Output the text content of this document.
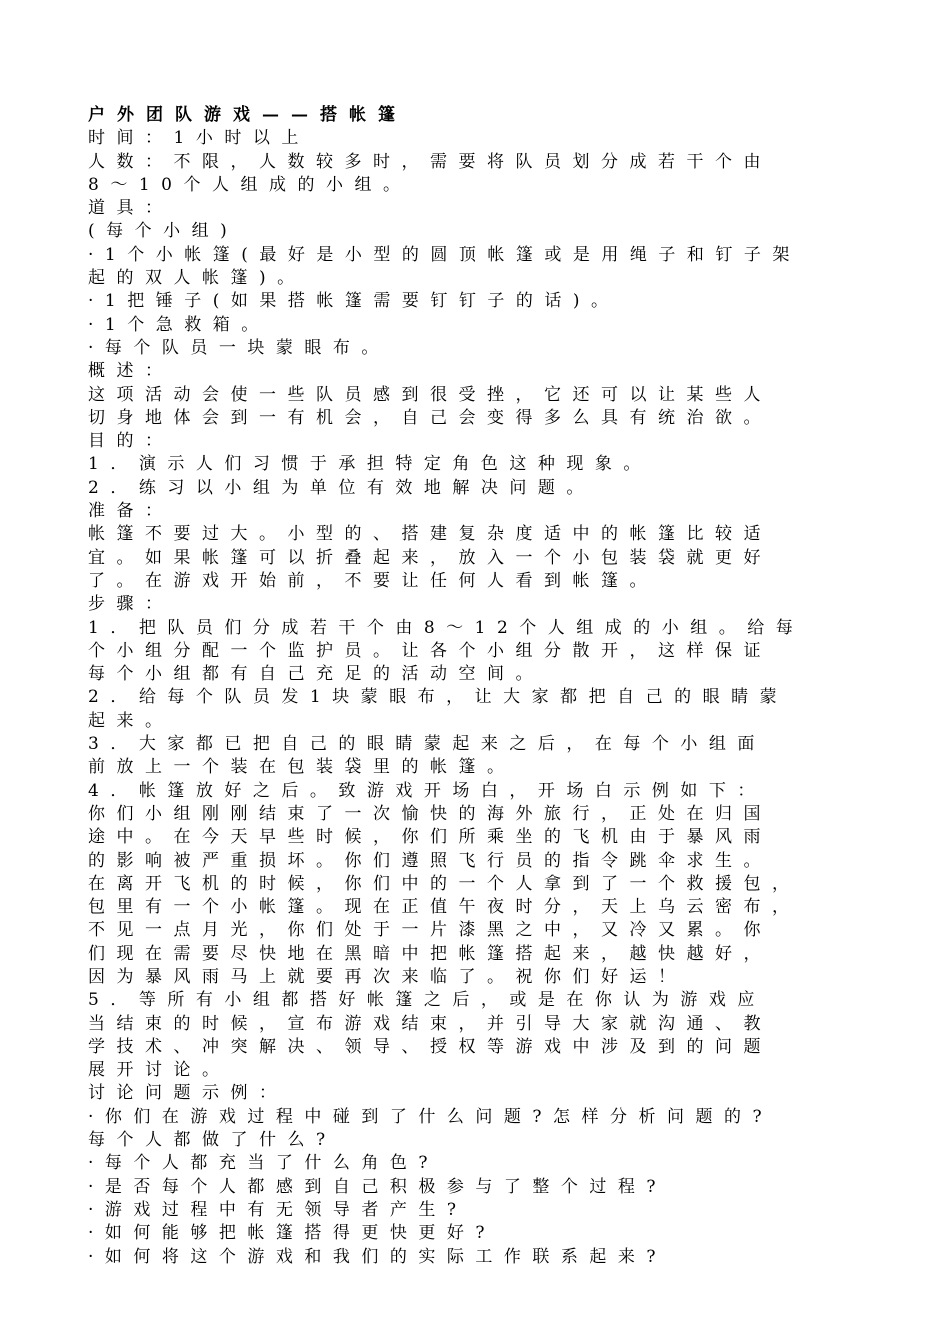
户外团队游戏——搭帐篷
时间：1小时以上
人数：不限，人数较多时，需要将队员划分成若干个由
8～10个人组成的小组。
道具：
(每个小组)
·1个小帐篷(最好是小型的圆顶帐篷或是用绳子和钉子架
起的双人帐篷)。
·1把锤子(如果搭帐篷需要钉钉子的话)。
·1个急救箱。
·每个队员一块蒙眼布。
概述：
这项活动会使一些队员感到很受挫，它还可以让某些人
切身地体会到一有机会，自己会变得多么具有统治欲。
目的：
1．演示人们习惯于承担特定角色这种现象。
2．练习以小组为单位有效地解决问题。
准备：
帐篷不要过大。小型的、搭建复杂度适中的帐篷比较适
宜。如果帐篷可以折叠起来，放入一个小包装袋就更好
了。在游戏开始前，不要让任何人看到帐篷。
步骤：
1．把队员们分成若干个由8～12个人组成的小组。给每
个小组分配一个监护员。让各个小组分散开，这样保证
每个小组都有自己充足的活动空间。
2．给每个队员发1块蒙眼布，让大家都把自己的眼睛蒙
起来。
3．大家都已把自己的眼睛蒙起来之后，在每个小组面
前放上一个装在包装袋里的帐篷。
4．帐篷放好之后。致游戏开场白，开场白示例如下：
你们小组刚刚结束了一次愉快的海外旅行，正处在归国
途中。在今天早些时候，你们所乘坐的飞机由于暴风雨
的影响被严重损坏。你们遵照飞行员的指令跳伞求生。
在离开飞机的时候，你们中的一个人拿到了一个救援包，
包里有一个小帐篷。现在正值午夜时分，天上乌云密布，
不见一点月光，你们处于一片漆黑之中，又冷又累。你
们现在需要尽快地在黑暗中把帐篷搭起来，越快越好，
因为暴风雨马上就要再次来临了。祝你们好运！
5．等所有小组都搭好帐篷之后，或是在你认为游戏应
当结束的时候，宣布游戏结束，并引导大家就沟通、教
学技术、冲突解决、领导、授权等游戏中涉及到的问题
展开讨论。
讨论问题示例：
·你们在游戏过程中碰到了什么问题?怎样分析问题的?
每个人都做了什么?
·每个人都充当了什么角色?
·是否每个人都感到自己积极参与了整个过程?
·游戏过程中有无领导者产生?
·如何能够把帐篷搭得更快更好?
·如何将这个游戏和我们的实际工作联系起来?
